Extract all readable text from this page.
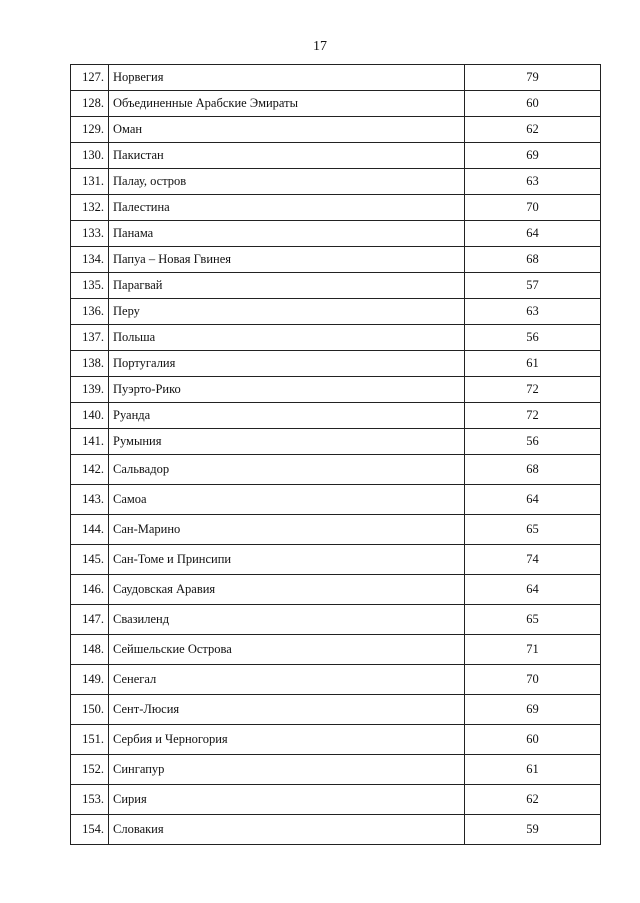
17
127.	Норвегия	79
128.	Объединенные Арабские Эмираты	60
129.	Оман	62
130.	Пакистан	69
131.	Палау, остров	63
132.	Палестина	70
133.	Панама	64
134.	Папуа – Новая Гвинея	68
135.	Парагвай	57
136.	Перу	63
137.	Польша	56
138.	Португалия	61
139.	Пуэрто-Рико	72
140.	Руанда	72
141.	Румыния	56
142.	Сальвадор	68
143.	Самоа	64
144.	Сан-Марино	65
145.	Сан-Томе и Принсипи	74
146.	Саудовская Аравия	64
147.	Свазиленд	65
148.	Сейшельские Острова	71
149.	Сенегал	70
150.	Сент-Люсия	69
151.	Сербия и Черногория	60
152.	Сингапур	61
153.	Сирия	62
154.	Словакия	59
